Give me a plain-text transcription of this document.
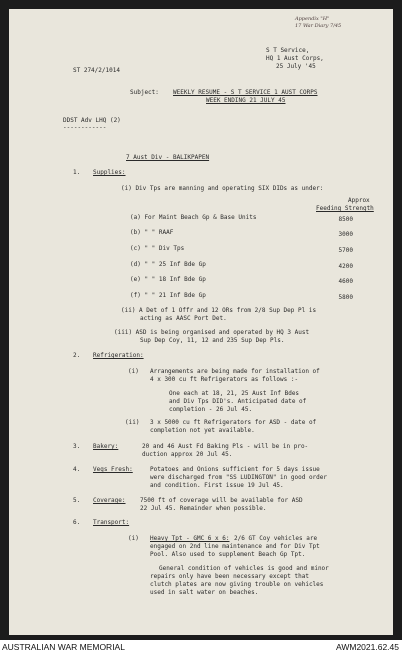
Appendix "H"
17 War Diary 7/45
S T Service,
HQ 1 Aust Corps,
25 July '45
ST 274/2/1014
Subject: WEEKLY RESUME - S T SERVICE 1 AUST CORPS
WEEK ENDING 21 JULY 45
DDST Adv LHQ (2)
------------
7 Aust Div - BALIKPAPEN
1. Supplies:
(i) Div Tps are manning and operating SIX DIDs as under:
Approx
Feeding Strength
(a) For Maint Beach Gp & Base Units	8500
(b) " " RAAF	3000
(c) " " Div Tps	5700
(d) " " 25 Inf Bde Gp	4200
(e) " " 18 Inf Bde Gp	4600
(f) " " 21 Inf Bde Gp	5800
(ii) A Det of 1 Offr and 12 ORs from 2/8 Sup Dep Pl is
acting as AASC Port Det.
(iii) ASD is being organised and operated by HQ 3 Aust
Sup Dep Coy, 11, 12 and 235 Sup Dep Pls.
2. Refrigeration:
(i) Arrangements are being made for installation of
4 x 300 cu ft Refrigerators as follows :-
One each at 18, 21, 25 Aust Inf Bdes
and Div Tps DID's. Anticipated date of
completion - 26 Jul 45.
(ii) 3 x 5000 cu ft Refrigerators for ASD - date of
completion not yet available.
3. Bakery:	20 and 46 Aust Fd Baking Pls - will be in pro-
duction approx 20 Jul 45.
4. Vegs Fresh:	Potatoes and Onions sufficient for 5 days issue
were discharged from "SS LUDINGTON" in good order
and condition. First issue 19 Jul 45.
5. Coverage: 7500 ft of coverage will be available for ASD
22 Jul 45. Remainder when possible.
6. Transport:
(i) Heavy Tpt - GMC 6 x 6: 2/6 GT Coy vehicles are
engaged on 2nd line maintenance and for Div Tpt
Pool. Also used to supplement Beach Gp Tpt.
General condition of vehicles is good and minor
repairs only have been necessary except that
clutch plates are now giving trouble on vehicles
used in salt water on beaches.
AUSTRALIAN WAR MEMORIAL	AWM2021.62.45
